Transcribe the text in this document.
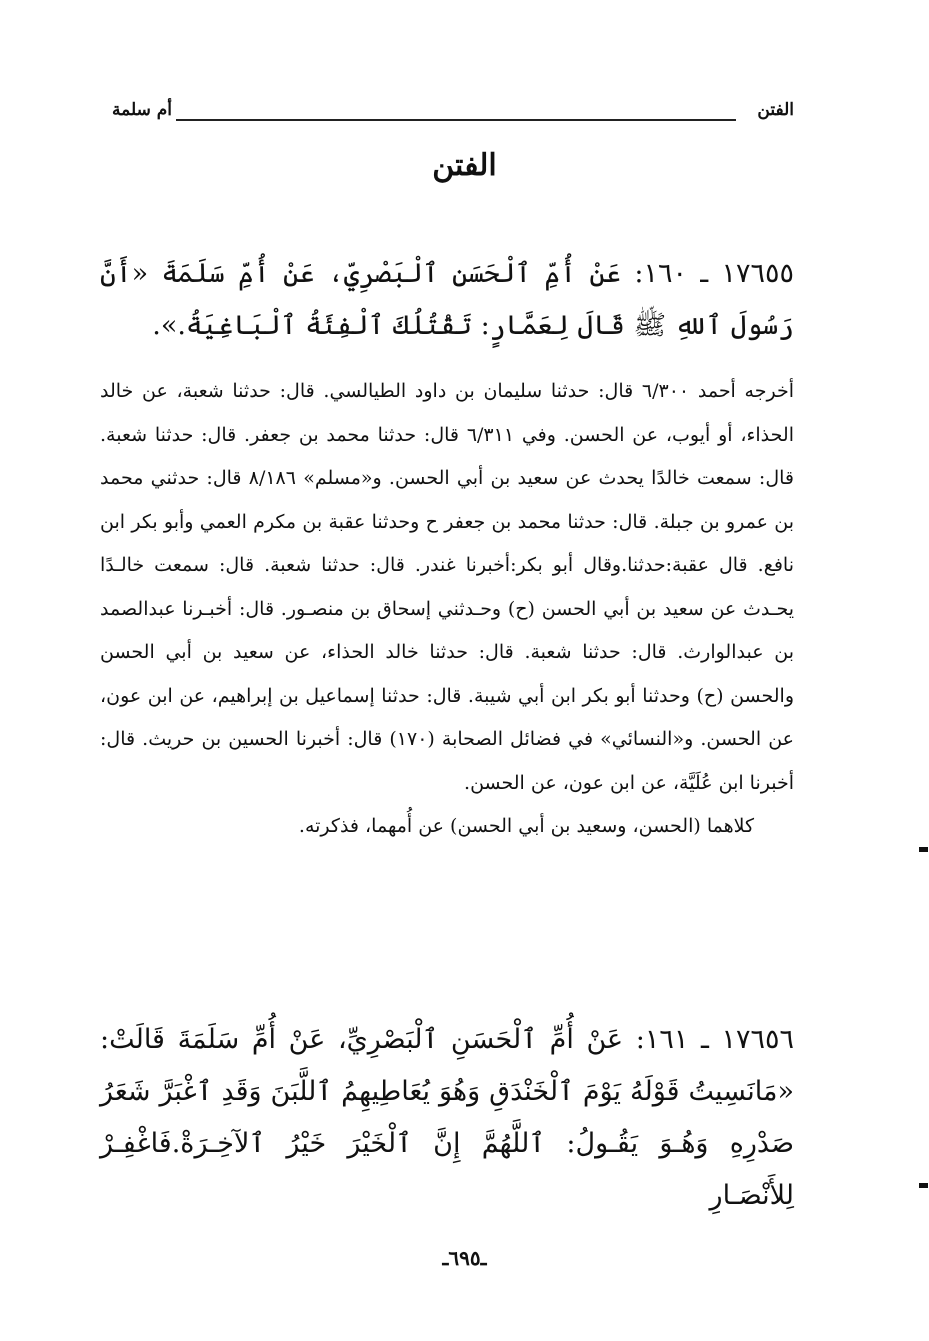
الفتن
أم سلمة
الفتن
١٧٦٥٥ ـ ١٦٠: عَنْ أُمِّ ٱلْحَسَنِ ٱلْبَصْرِيِّ، عَنْ أُمِّ سَلَمَةَ «أَنَّ رَسُولَ ٱللهِ ﷺ قَالَ لِعَمَّارٍ: تَقْتُلُكَ ٱلْفِئَةُ ٱلْبَاغِيَةُ.».

أخرجه أحمد ٦/٣٠٠ قال: حدثنا سليمان بن داود الطيالسي. قال: حدثنا شعبة، عن خالد الحذاء، أو أيوب، عن الحسن. وفي ٦/٣١١ قال: حدثنا محمد بن جعفر. قال: حدثنا شعبة. قال: سمعت خالدًا يحدث عن سعيد بن أبي الحسن. و«مسلم» ٨/١٨٦ قال: حدثني محمد بن عمرو بن جبلة. قال: حدثنا محمد بن جعفر ح وحدثنا عقبة بن مكرم العمي وأبو بكر ابن نافع. قال عقبة:حدثنا.وقال أبو بكر:أخبرنا غندر. قال: حدثنا شعبة. قال: سمعت خالـدًا يحـدث عن سعيد بن أبي الحسن (ح) وحـدثني إسحاق بن منصـور. قال: أخبـرنا عبدالصمد بن عبدالوارث. قال: حدثنا شعبة. قال: حدثنا خالد الحذاء، عن سعيد بن أبي الحسن والحسن (ح) وحدثنا أبو بكر ابن أبي شيبة. قال: حدثنا إسماعيل بن إبراهيم، عن ابن عون، عن الحسن. و«النسائي» في فضائل الصحابة (١٧٠) قال: أخبرنا الحسين بن حريث. قال: أخبرنا ابن عُلَيَّة، عن ابن عون، عن الحسن.

كلاهما (الحسن، وسعيد بن أبي الحسن) عن أُمهما، فذكرته.

١٧٦٥٦ ـ ١٦١: عَنْ أُمِّ ٱلْحَسَنِ ٱلْبَصْرِيِّ، عَنْ أُمِّ سَلَمَةَ قَالَتْ: «مَانَسِيتُ قَوْلَهُ يَوْمَ ٱلْخَنْدَقِ وَهُوَ يُعَاطِيهِمُ ٱللَّبَنَ وَقَدِ ٱغْبَرَّ شَعَرُ صَدْرِهِ وَهُـوَ يَقُـولُ: ٱللَّهُمَّ إِنَّ ٱلْخَيْرَ خَيْرُ ٱلآخِـرَةْ.فَاغْفِـرْ لِلأَنْصَـارِ
ـ٦٩٥ـ
